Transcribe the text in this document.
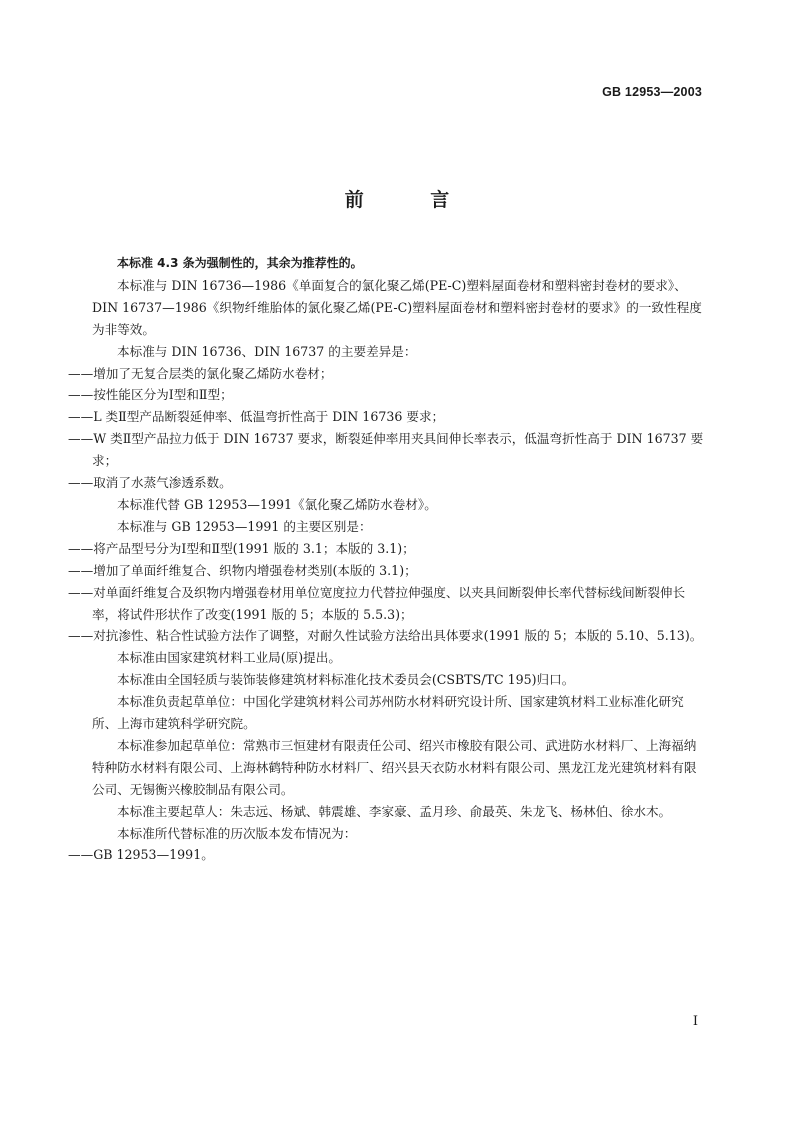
GB 12953—2003
前 言

本标准 4.3 条为强制性的，其余为推荐性的。

本标准与 DIN 16736—1986《单面复合的氯化聚乙烯(PE-C)塑料屋面卷材和塑料密封卷材的要求》、DIN 16737—1986《织物纤维胎体的氯化聚乙烯(PE-C)塑料屋面卷材和塑料密封卷材的要求》的一致性程度为非等效。

本标准与 DIN 16736、DIN 16737 的主要差异是：

——增加了无复合层类的氯化聚乙烯防水卷材；

——按性能区分为Ⅰ型和Ⅱ型；

——L 类Ⅱ型产品断裂延伸率、低温弯折性高于 DIN 16736 要求；

——W 类Ⅱ型产品拉力低于 DIN 16737 要求，断裂延伸率用夹具间伸长率表示，低温弯折性高于 DIN 16737 要求；

——取消了水蒸气渗透系数。

本标准代替 GB 12953—1991《氯化聚乙烯防水卷材》。

本标准与 GB 12953—1991 的主要区别是：

——将产品型号分为Ⅰ型和Ⅱ型(1991 版的 3.1；本版的 3.1)；

——增加了单面纤维复合、织物内增强卷材类别(本版的 3.1)；

——对单面纤维复合及织物内增强卷材用单位宽度拉力代替拉伸强度、以夹具间断裂伸长率代替标线间断裂伸长率，将试件形状作了改变(1991 版的 5；本版的 5.5.3)；

——对抗渗性、粘合性试验方法作了调整，对耐久性试验方法给出具体要求(1991 版的 5；本版的 5.10、5.13)。

本标准由国家建筑材料工业局(原)提出。

本标准由全国轻质与装饰装修建筑材料标准化技术委员会(CSBTS/TC 195)归口。

本标准负责起草单位：中国化学建筑材料公司苏州防水材料研究设计所、国家建筑材料工业标准化研究所、上海市建筑科学研究院。

本标准参加起草单位：常熟市三恒建材有限责任公司、绍兴市橡胶有限公司、武进防水材料厂、上海福纳特种防水材料有限公司、上海林鹤特种防水材料厂、绍兴县天衣防水材料有限公司、黑龙江龙光建筑材料有限公司、无锡衡兴橡胶制品有限公司。

本标准主要起草人：朱志远、杨斌、韩震雄、李家豪、孟月珍、俞最英、朱龙飞、杨林伯、徐水木。

本标准所代替标准的历次版本发布情况为：

——GB 12953—1991。

I
